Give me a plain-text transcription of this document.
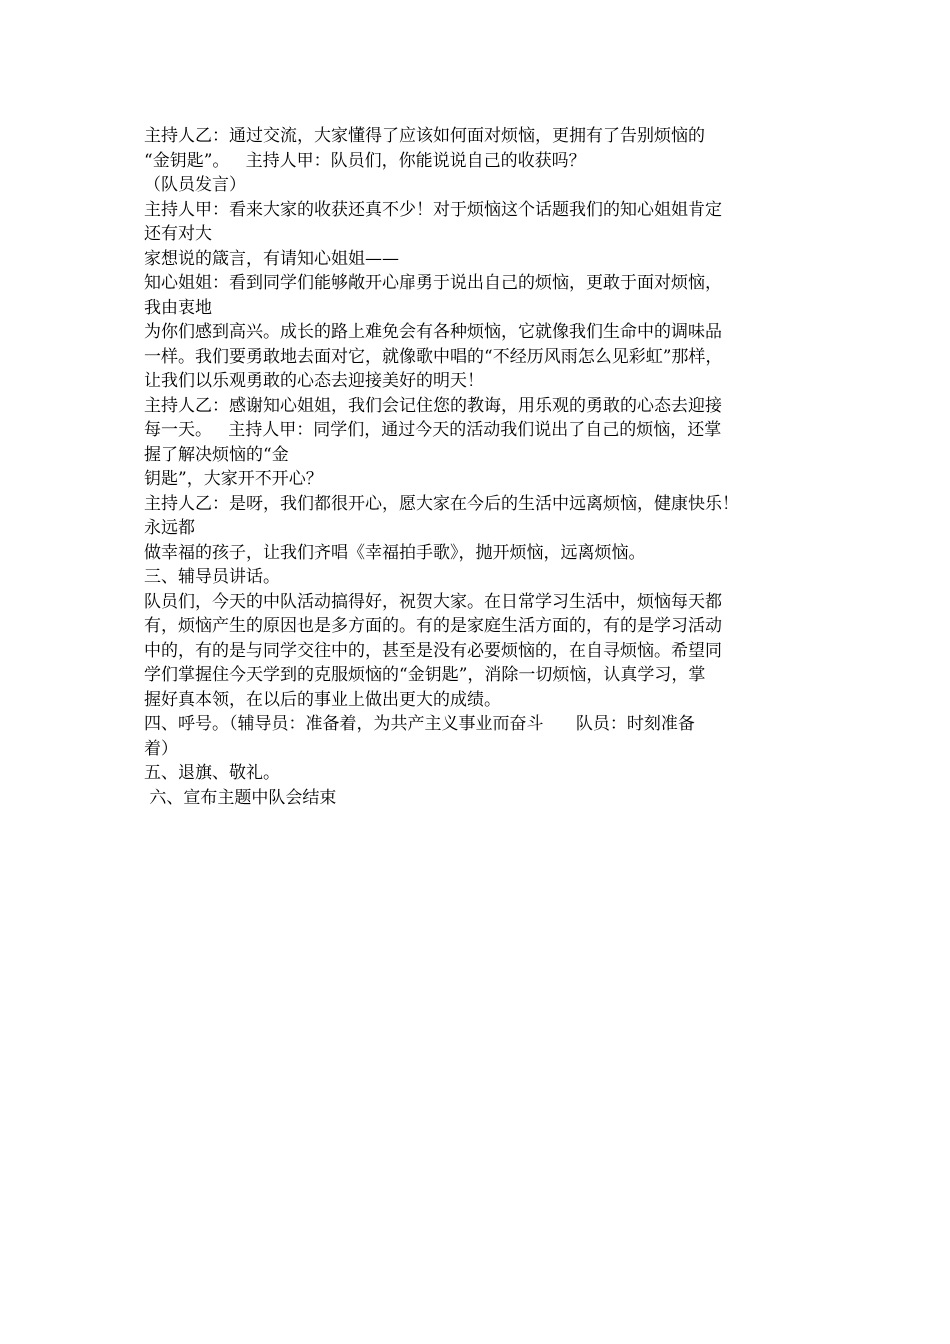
主持人乙：通过交流，大家懂得了应该如何面对烦恼，更拥有了告别烦恼的
“金钥匙”。   主持人甲：队员们，你能说说自己的收获吗？
（队员发言）
主持人甲：看来大家的收获还真不少！对于烦恼这个话题我们的知心姐姐肯定
还有对大
家想说的箴言，有请知心姐姐——
知心姐姐：看到同学们能够敞开心扉勇于说出自己的烦恼，更敢于面对烦恼，
我由衷地
为你们感到高兴。成长的路上难免会有各种烦恼，它就像我们生命中的调味品
一样。我们要勇敢地去面对它，就像歌中唱的“不经历风雨怎么见彩虹”那样，
让我们以乐观勇敢的心态去迎接美好的明天！
主持人乙：感谢知心姐姐，我们会记住您的教诲，用乐观的勇敢的心态去迎接
每一天。   主持人甲：同学们，通过今天的活动我们说出了自己的烦恼，还掌
握了解决烦恼的“金
钥匙”，大家开不开心？
主持人乙：是呀，我们都很开心，愿大家在今后的生活中远离烦恼，健康快乐！
永远都
做幸福的孩子，让我们齐唱《幸福拍手歌》，抛开烦恼，远离烦恼。
三、辅导员讲话。
队员们，今天的中队活动搞得好，祝贺大家。在日常学习生活中，烦恼每天都
有，烦恼产生的原因也是多方面的。有的是家庭生活方面的，有的是学习活动
中的，有的是与同学交往中的，甚至是没有必要烦恼的，在自寻烦恼。希望同
学们掌握住今天学到的克服烦恼的“金钥匙”，消除一切烦恼，认真学习，掌
握好真本领，在以后的事业上做出更大的成绩。
四、呼号。（辅导员：准备着，为共产主义事业而奋斗      队员：时刻准备
着）
五、退旗、敬礼。
六、宣布主题中队会结束
